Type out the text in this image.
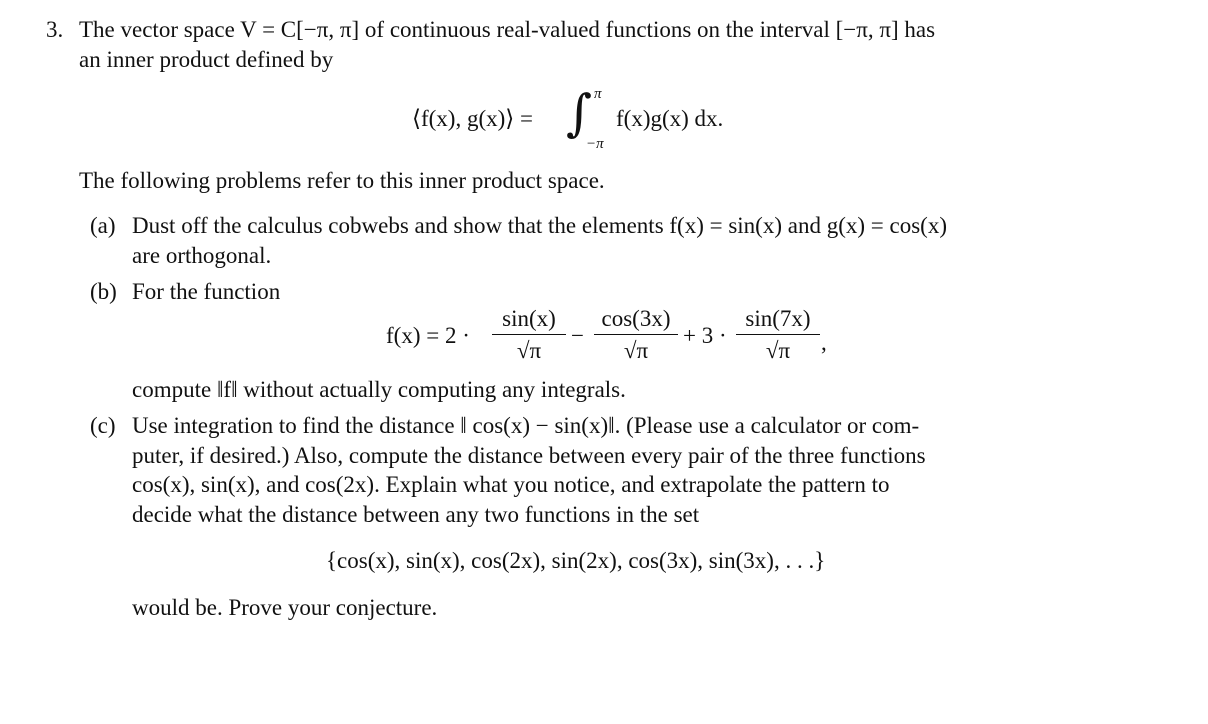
3. The vector space V = C[−π, π] of continuous real-valued functions on the interval [−π, π] has
an inner product defined by
⟨f(x), g(x)⟩ = ∫ π
−π
f(x)g(x) dx.
The following problems refer to this inner product space.
(a) Dust off the calculus cobwebs and show that the elements f(x) = sin(x) and g(x) = cos(x)
are orthogonal.
(b) For the function
f(x) = 2 ·
sin(x)
√π
−
cos(3x)
√π
+ 3 ·
sin(7x)
√π	,
compute ‖f‖ without actually computing any integrals.
(c) Use integration to find the distance ‖ cos(x) − sin(x)‖. (Please use a calculator or com-
puter, if desired.) Also, compute the distance between every pair of the three functions
cos(x), sin(x), and cos(2x). Explain what you notice, and extrapolate the pattern to
decide what the distance between any two functions in the set
{cos(x), sin(x), cos(2x), sin(2x), cos(3x), sin(3x), . . .}
would be. Prove your conjecture.
